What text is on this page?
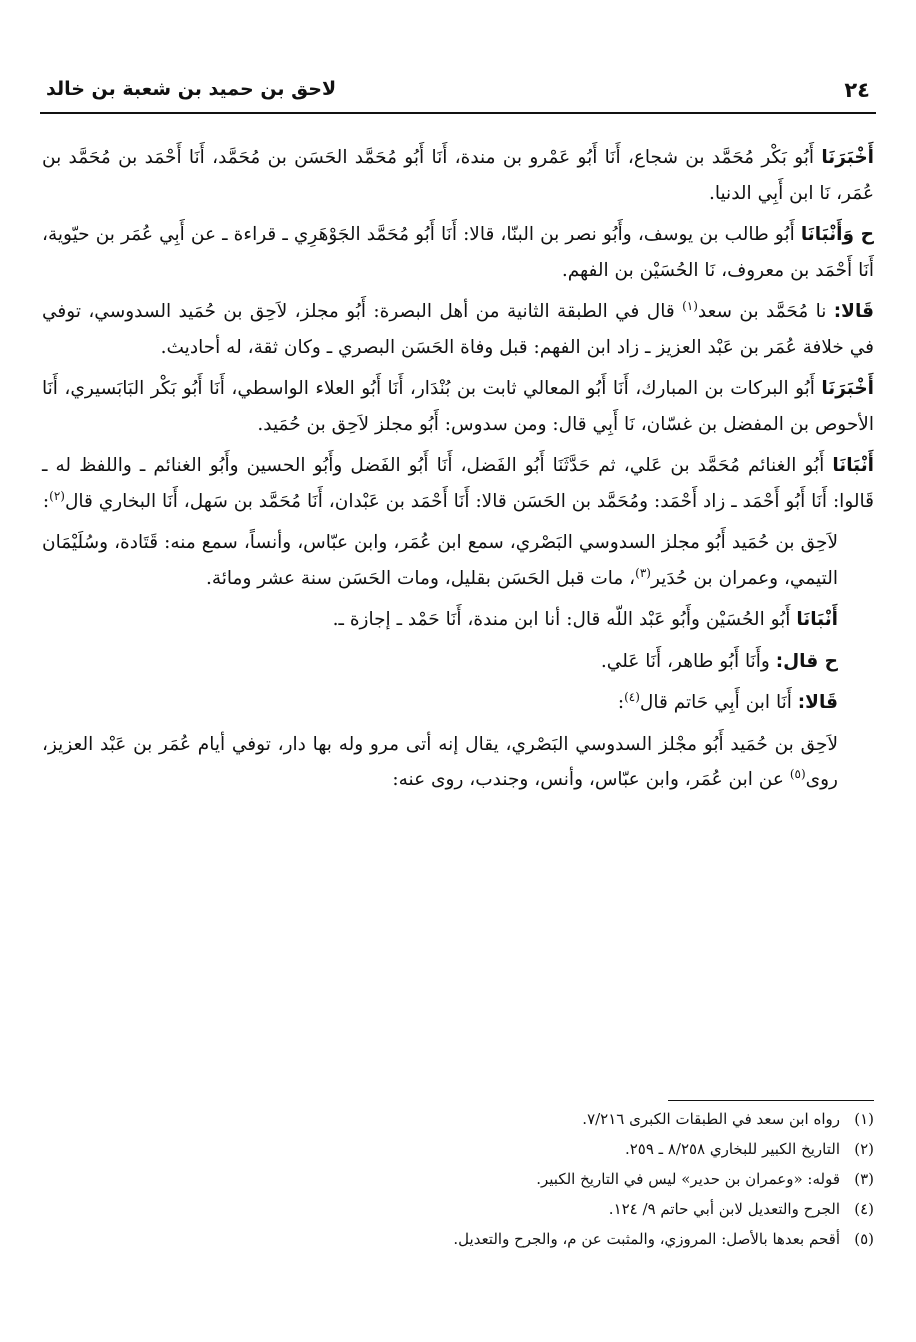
٢٤
لاحق بن حميد بن شعبة بن خالد

أَخْبَرَنَا أَبُو بَكْر مُحَمَّد بن شجاع، أَنَا أَبُو عَمْرو بن مندة، أَنَا أَبُو مُحَمَّد الحَسَن بن مُحَمَّد، أَنَا أَحْمَد بن مُحَمَّد بن عُمَر، نَا ابن أَبِي الدنيا.

ح وَأَنْبَانَا أَبُو طالب بن يوسف، وأَبُو نصر بن البنّا، قالا: أَنَا أَبُو مُحَمَّد الجَوْهَرِي ـ قراءة ـ عن أَبِي عُمَر بن حيّوية، أَنَا أَحْمَد بن معروف، نَا الحُسَيْن بن الفهم.

قَالا: نا مُحَمَّد بن سعد$^{(١)}$ قال في الطبقة الثانية من أهل البصرة: أَبُو مجلز، لاَحِق بن حُمَيد السدوسي، توفي في خلافة عُمَر بن عَبْد العزيز ـ زاد ابن الفهم: قبل وفاة الحَسَن البصري ـ وكان ثقة، له أحاديث.

أَخْبَرَنَا أَبُو البركات بن المبارك، أَنَا أَبُو المعالي ثابت بن بُنْدَار، أَنَا أَبُو العلاء الواسطي، أَنَا أَبُو بَكْر البَابَسيري، أَنَا الأحوص بن المفضل بن غسّان، نَا أَبِي قال: ومن سدوس: أَبُو مجلز لاَحِق بن حُمَيد.

أَنْبَانَا أَبُو الغنائم مُحَمَّد بن عَلي، ثم حَدَّثَنَا أَبُو الفَضل، أَنَا أَبُو الفَضل وأَبُو الحسين وأَبُو الغنائم ـ واللفظ له ـ قَالوا: أَنَا أَبُو أَحْمَد ـ زاد أَحْمَد: ومُحَمَّد بن الحَسَن قالا: أَنَا أَحْمَد بن عَبْدان، أَنَا مُحَمَّد بن سَهل، أَنَا البخاري قال$^{(٢)}$:

لاَحِق بن حُمَيد أَبُو مجلز السدوسي البَصْري، سمع ابن عُمَر، وابن عبّاس، وأنساً، سمع منه: قَتَادة، وسُلَيْمَان التيمي، وعمران بن حُدَير$^{(٣)}$، مات قبل الحَسَن بقليل، ومات الحَسَن سنة عشر ومائة.

أَنْبَانَا أَبُو الحُسَيْن وأَبُو عَبْد اللّه قال: أنا ابن مندة، أَنَا حَمْد ـ إجازة ـ.

ح قال: وأَنَا أَبُو طاهر، أَنَا عَلي.

قَالا: أَنَا ابن أَبِي حَاتم قال$^{(٤)}$:

لاَحِق بن حُمَيد أَبُو مجْلز السدوسي البَصْري، يقال إنه أتى مرو وله بها دار، توفي أيام عُمَر بن عَبْد العزيز، روى$^{(٥)}$ عن ابن عُمَر، وابن عبّاس، وأنس، وجندب، روى عنه:

(١)رواه ابن سعد في الطبقات الكبرى ٧/٢١٦.
(٢)التاريخ الكبير للبخاري ٨/٢٥٨ ـ ٢٥٩.
(٣)قوله: «وعمران بن حدير» ليس في التاريخ الكبير.
(٤)الجرح والتعديل لابن أبي حاتم ٩/ ١٢٤.
(٥)أقحم بعدها بالأصل: المروزي، والمثبت عن م، والجرح والتعديل.
